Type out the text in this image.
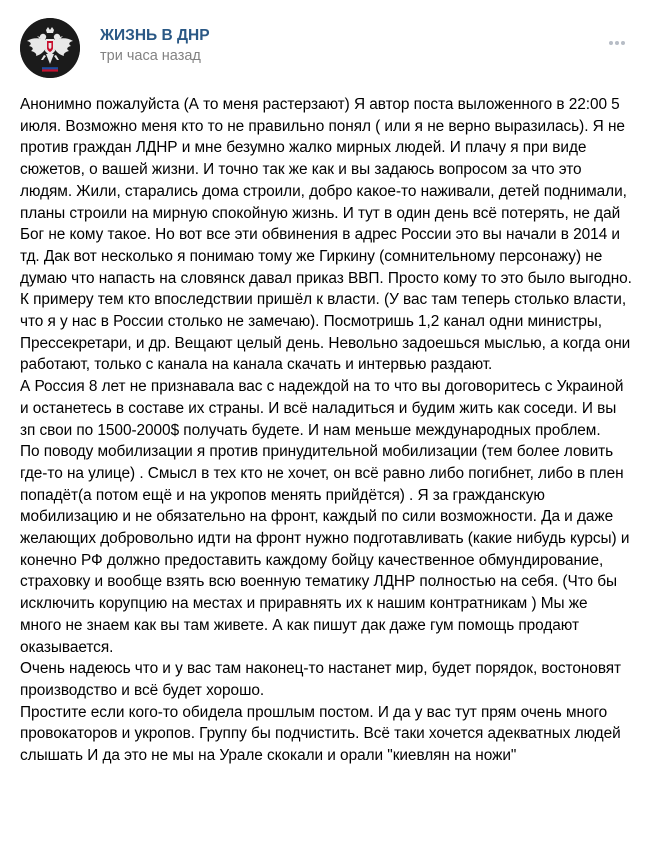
ЖИЗНЬ В ДНР
три часа назад

Анонимно пожалуйста (А то меня растерзают) Я автор поста выложенного в 22:00 5 июля. Возможно меня кто то не правильно понял ( или я не верно выразилась). Я не против граждан ЛДНР и мне безумно жалко мирных людей. И плачу я при виде сюжетов, о вашей жизни. И точно так же как и вы задаюсь вопросом за что это людям. Жили, старались дома строили, добро какое-то наживали, детей поднимали, планы строили на мирную спокойную жизнь. И тут в один день всё потерять, не дай Бог не кому такое. Но вот все эти обвинения в адрес России это вы начали в 2014 и тд. Дак вот несколько я понимаю тому же Гиркину (сомнительному персонажу) не думаю что напасть на словянск давал приказ ВВП. Просто кому то это было выгодно. К примеру тем кто впоследствии пришёл к власти. (У вас там теперь столько власти, что я у нас в России столько не замечаю). Посмотришь 1,2 канал одни министры, Прессекретари, и др. Вещают целый день. Невольно задоешься мыслью, а когда они работают, только с канала на канала скачать и интервью раздают.

А Россия 8 лет не признавала вас с надеждой на то что вы договоритесь с Украиной и останетесь в составе их страны. И всё наладиться и будим жить как соседи. И вы зп свои по 1500-2000$ получать будете. И нам меньше международных проблем.

По поводу мобилизации я против принудительной мобилизации (тем более ловить где-то на улице) . Смысл в тех кто не хочет, он всё равно либо погибнет, либо в плен попадёт(а потом ещё и на укропов менять прийдётся) . Я за гражданскую мобилизацию и не обязательно на фронт, каждый по сили возможности. Да и даже желающих добровольно идти на фронт нужно подготавливать (какие нибудь курсы) и конечно РФ должно предоставить каждому бойцу качественное обмундирование, страховку и вообще взять всю военную тематику ЛДНР полностью на себя. (Что бы исключить корупцию на местах и приравнять их к нашим контратникам ) Мы же много не знаем как вы там живете. А как пишут дак даже гум помощь продают оказывается.

Очень надеюсь что и у вас там наконец-то настанет мир, будет порядок, востоновят производство и всё будет хорошо.

Простите если кого-то обидела прошлым постом. И да у вас тут прям очень много провокаторов и укропов. Группу бы подчистить. Всё таки хочется адекватных людей слышать И да это не мы на Урале скокали и орали "киевлян на ножи"
